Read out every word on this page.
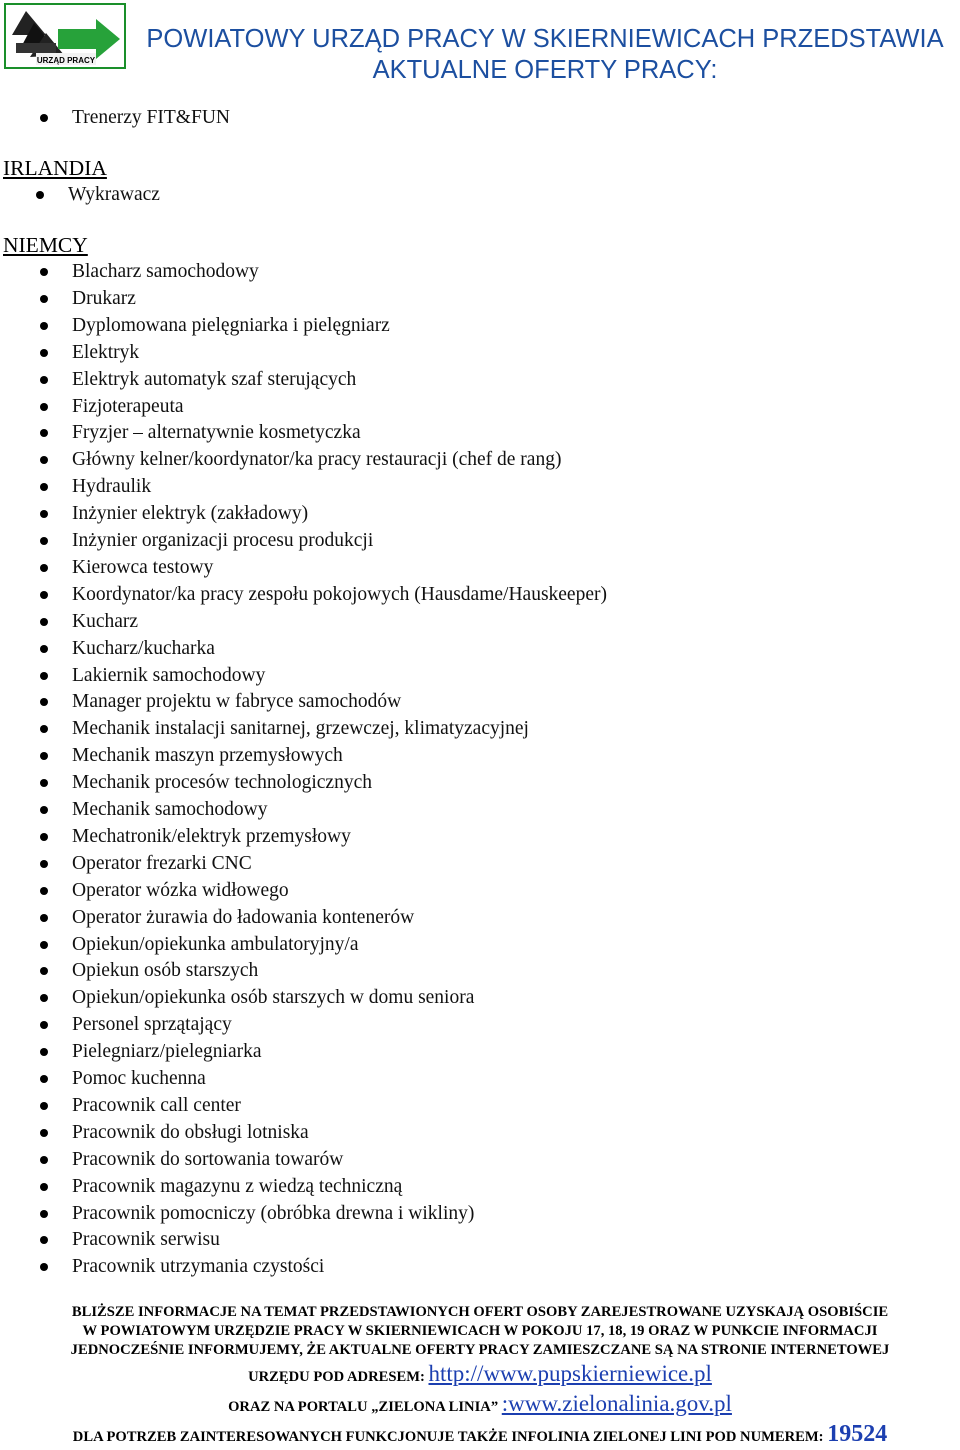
URZĄD PRACY
POWIATOWY URZĄD PRACY W SKIERNIEWICACH PRZEDSTAWIA
AKTUALNE OFERTY PRACY:
Trenerzy FIT&FUN
IRLANDIA
Wykrawacz
NIEMCY
Blacharz samochodowy
Drukarz
Dyplomowana pielęgniarka i pielęgniarz
Elektryk
Elektryk automatyk szaf sterujących
Fizjoterapeuta
Fryzjer – alternatywnie kosmetyczka
Główny kelner/koordynator/ka pracy restauracji (chef de rang)
Hydraulik
Inżynier elektryk (zakładowy)
Inżynier organizacji procesu produkcji
Kierowca testowy
Koordynator/ka pracy zespołu pokojowych (Hausdame/Hauskeeper)
Kucharz
Kucharz/kucharka
Lakiernik samochodowy
Manager projektu w fabryce samochodów
Mechanik instalacji sanitarnej, grzewczej, klimatyzacyjnej
Mechanik maszyn przemysłowych
Mechanik procesów technologicznych
Mechanik samochodowy
Mechatronik/elektryk przemysłowy
Operator frezarki CNC
Operator wózka widłowego
Operator żurawia do ładowania kontenerów
Opiekun/opiekunka ambulatoryjny/a
Opiekun osób starszych
Opiekun/opiekunka osób starszych w domu seniora
Personel sprzątający
Pielegniarz/pielegniarka
Pomoc kuchenna
Pracownik call center
Pracownik do obsługi lotniska
Pracownik do sortowania towarów
Pracownik magazynu z wiedzą techniczną
Pracownik pomocniczy (obróbka drewna i wikliny)
Pracownik serwisu
Pracownik utrzymania czystości
BLIŻSZE INFORMACJE NA TEMAT PRZEDSTAWIONYCH OFERT OSOBY ZAREJESTROWANE UZYSKAJĄ OSOBIŚCIE
W POWIATOWYM URZĘDZIE PRACY W SKIERNIEWICACH W POKOJU 17, 18, 19 ORAZ W PUNKCIE INFORMACJI
JEDNOCZEŚNIE INFORMUJEMY, ŻE AKTUALNE OFERTY PRACY ZAMIESZCZANE SĄ NA STRONIE INTERNETOWEJ
URZĘDU POD ADRESEM: http://www.pupskierniewice.pl
ORAZ NA PORTALU „ZIELONA LINIA” :www.zielonalinia.gov.pl
DLA POTRZEB ZAINTERESOWANYCH FUNKCJONUJE TAKŻE INFOLINIA ZIELONEJ LINI POD NUMEREM: 19524
